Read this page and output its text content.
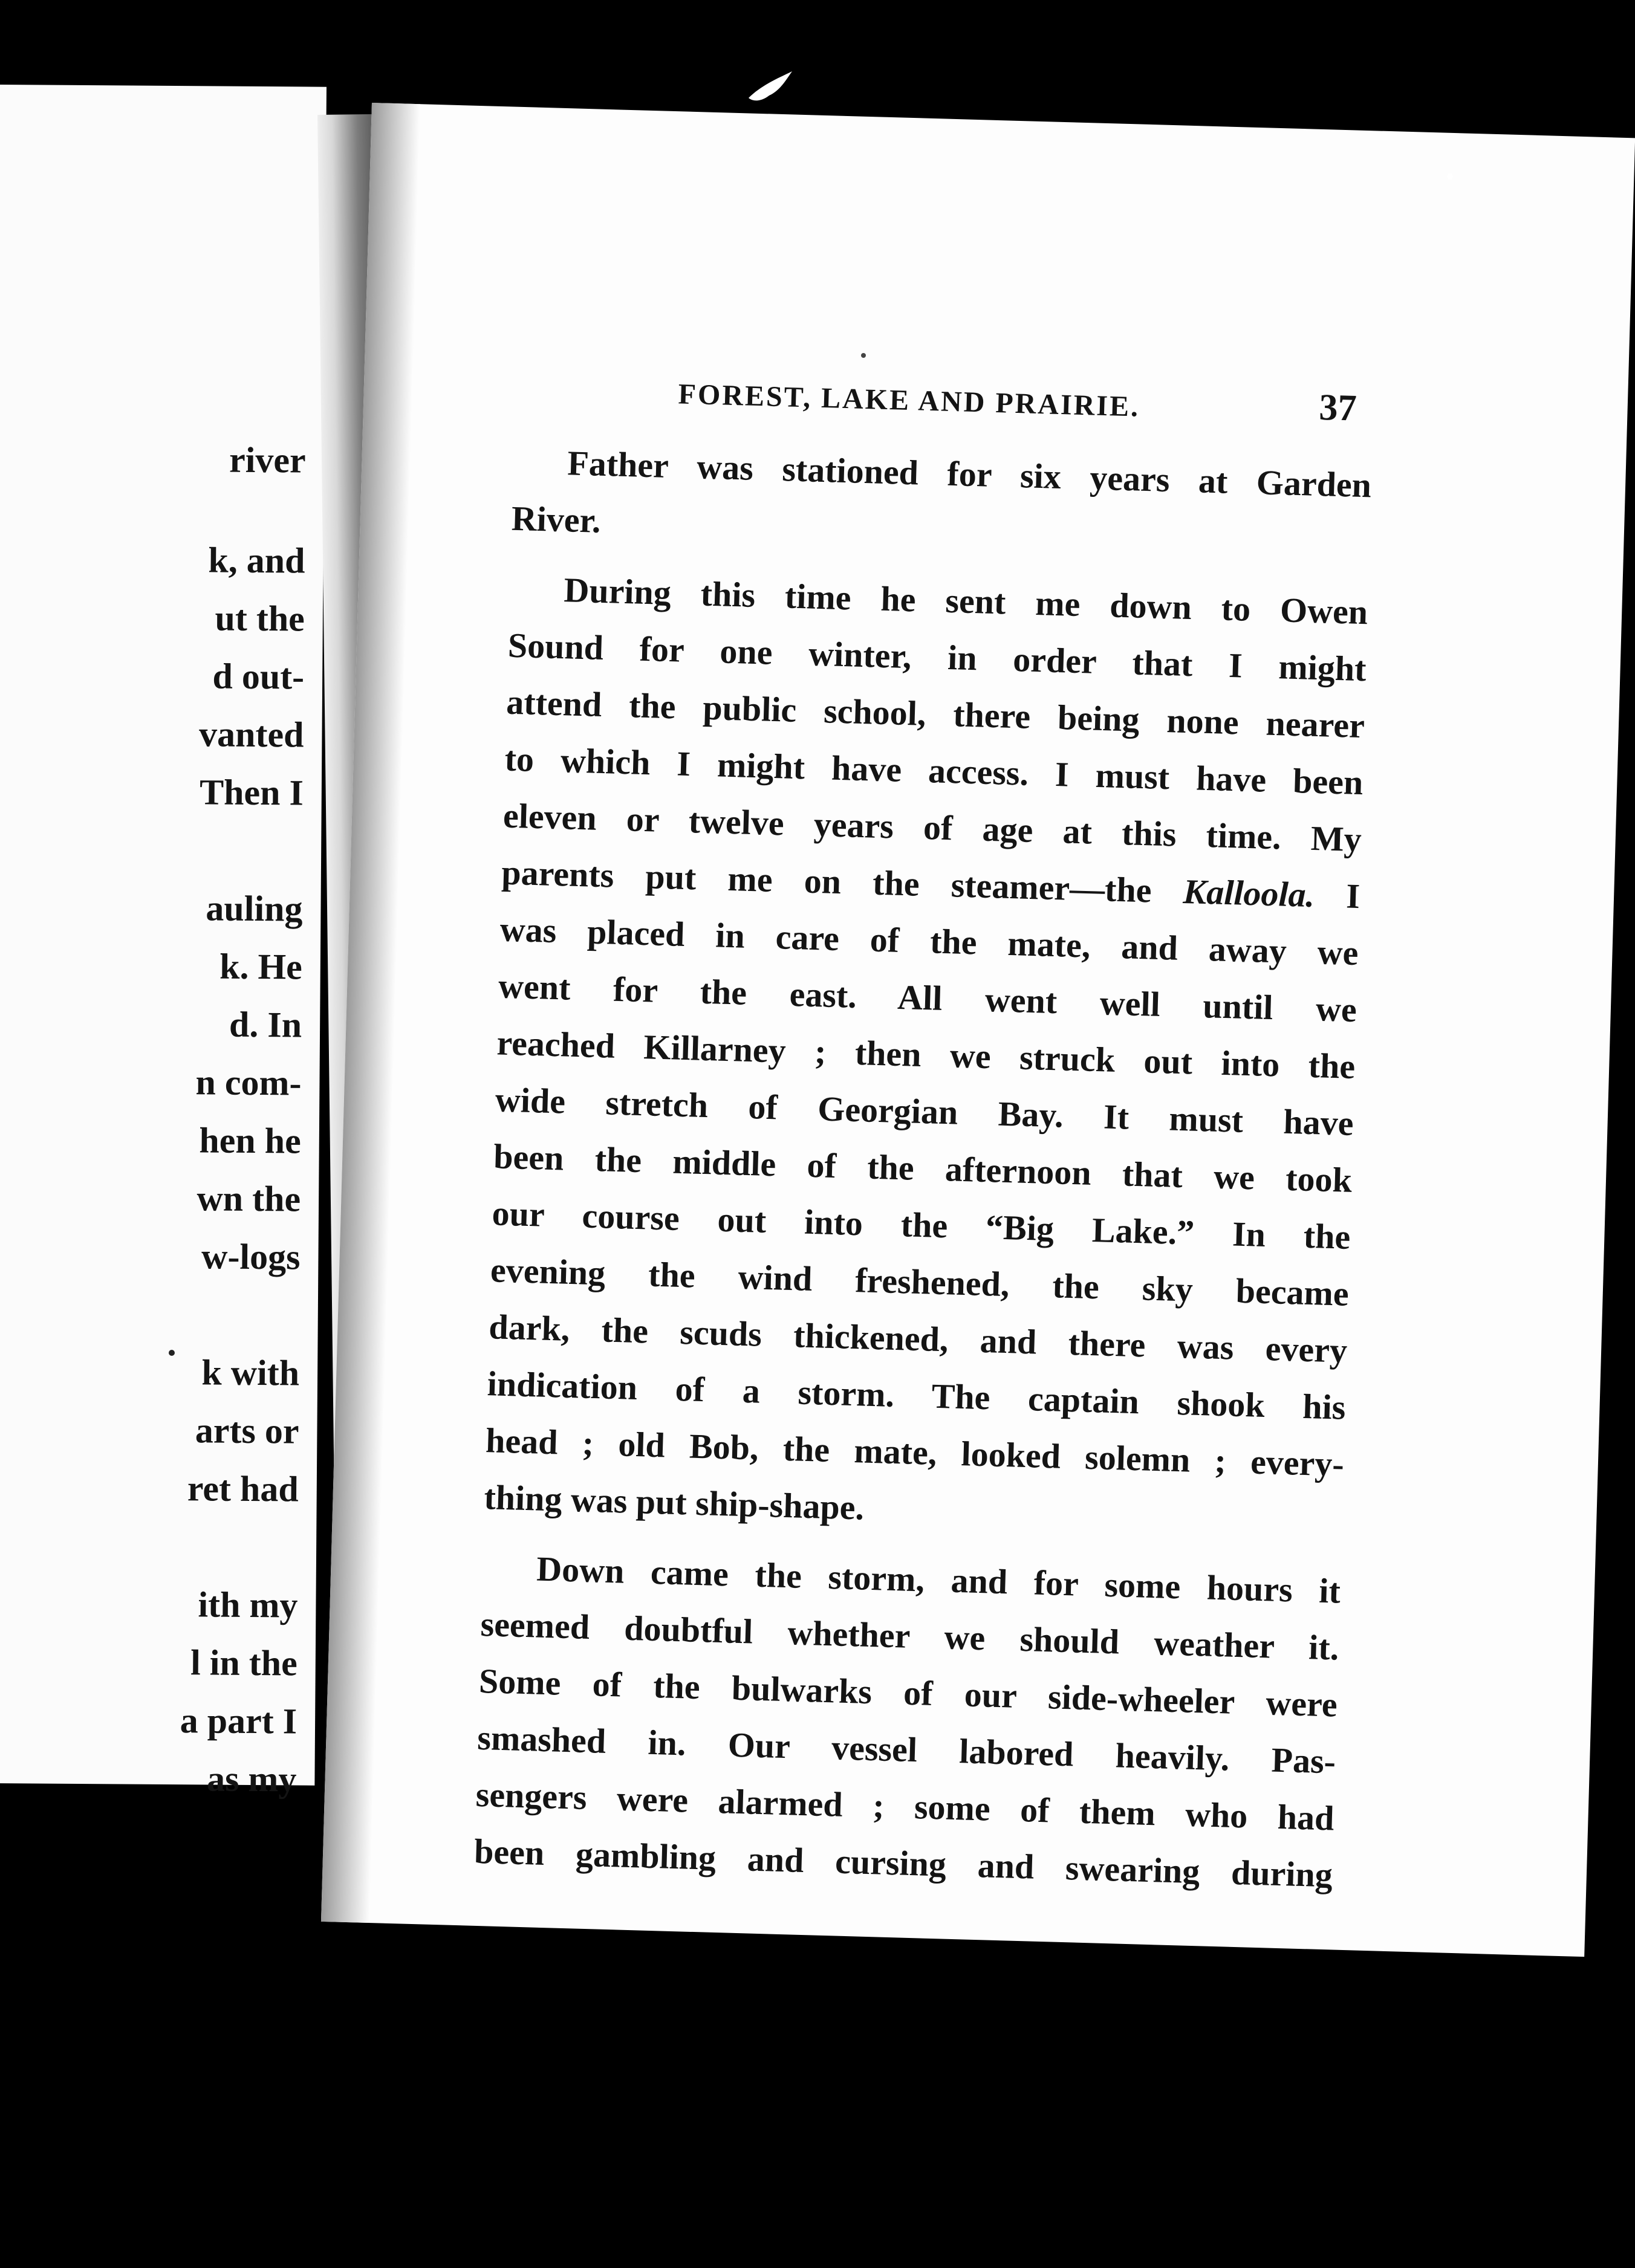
river
k, and
ut the
d out-
vanted
Then I
auling
k. He
d. In
n com-
hen he
wn the
w-logs
k with
arts or
ret had
ith my
l in the
a part I
as my
FOREST, LAKE AND PRAIRIE.	37

Father was stationed for six years at Garden
River.

During this time he sent me down to Owen
Sound for one winter, in order that I might
attend the public school, there being none nearer
to which I might have access. I must have been
eleven or twelve years of age at this time. My
parents put me on the steamer—the Kalloola. I
was placed in care of the mate, and away we
went for the east. All went well until we
reached Killarney ; then we struck out into the
wide stretch of Georgian Bay. It must have
been the middle of the afternoon that we took
our course out into the “Big Lake.” In the
evening the wind freshened, the sky became
dark, the scuds thickened, and there was every
indication of a storm. The captain shook his
head ; old Bob, the mate, looked solemn ; every-
thing was put ship-shape.

Down came the storm, and for some hours it
seemed doubtful whether we should weather it.
Some of the bulwarks of our side-wheeler were
smashed in. Our vessel labored heavily. Pas-
sengers were alarmed ; some of them who had
been gambling and cursing and swearing during
